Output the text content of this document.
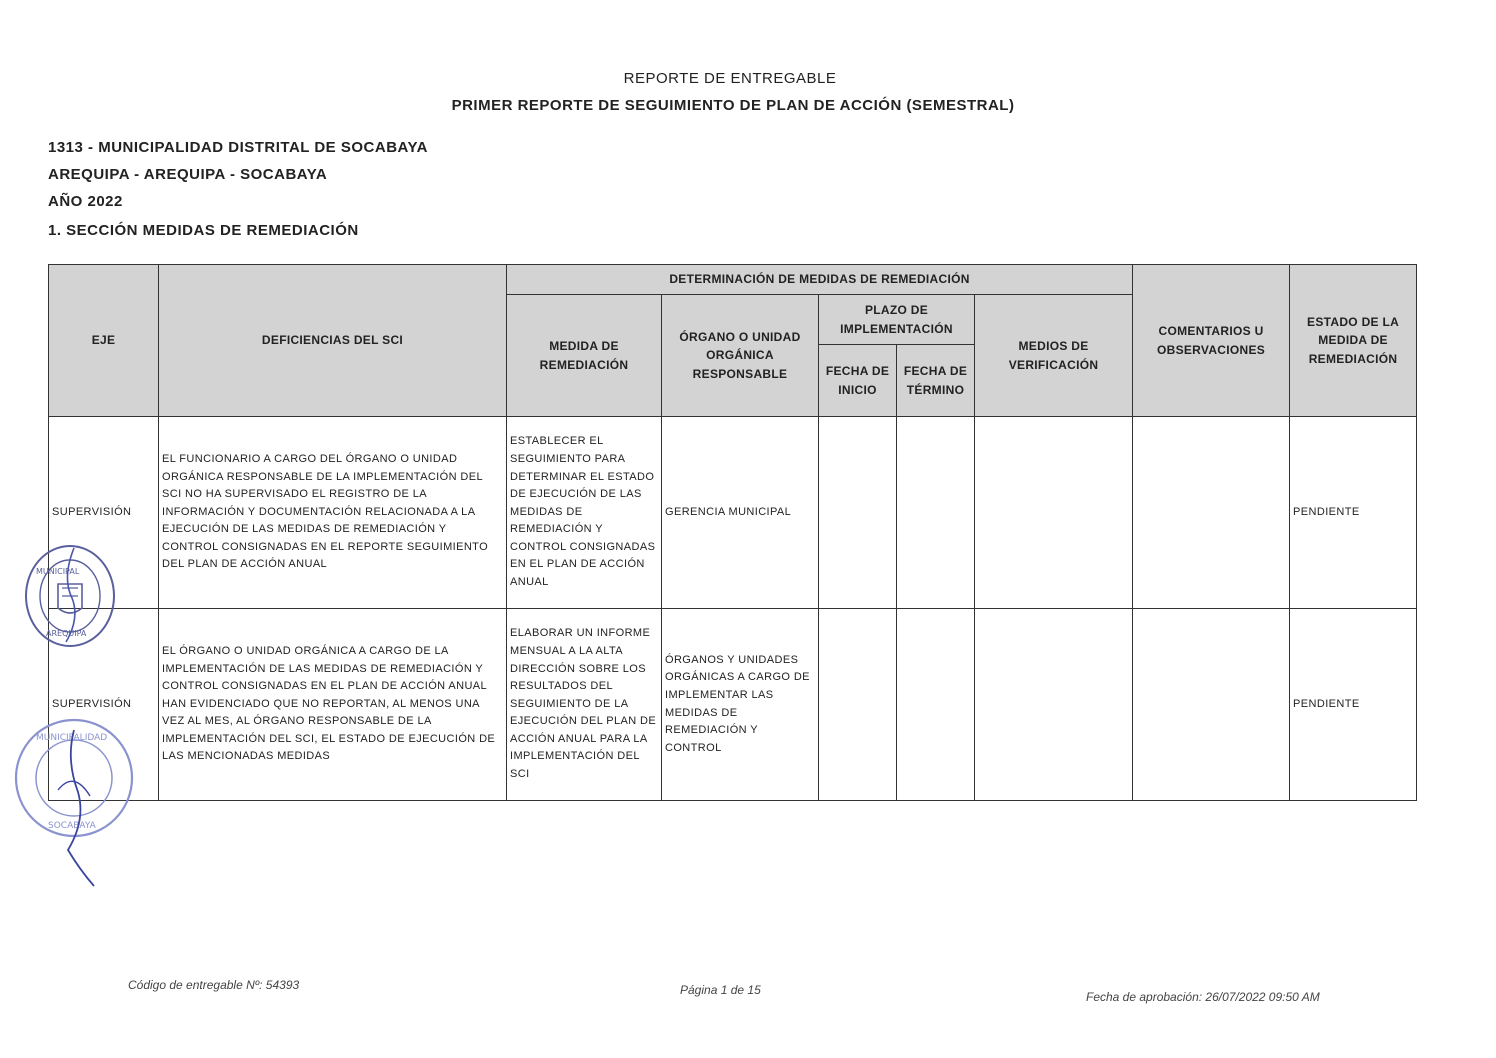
REPORTE DE ENTREGABLE
PRIMER REPORTE DE SEGUIMIENTO DE PLAN DE ACCIÓN (SEMESTRAL)
1313 - MUNICIPALIDAD DISTRITAL DE SOCABAYA
AREQUIPA - AREQUIPA - SOCABAYA
AÑO 2022
1. SECCIÓN MEDIDAS DE REMEDIACIÓN
EJE	DEFICIENCIAS DEL SCI	DETERMINACIÓN DE MEDIDAS DE REMEDIACIÓN					COMENTARIOS U OBSERVACIONES	ESTADO DE LA MEDIDA DE REMEDIACIÓN
		MEDIDA DE REMEDIACIÓN	ÓRGANO O UNIDAD ORGÁNICA RESPONSABLE	PLAZO DE IMPLEMENTACIÓN		MEDIOS DE VERIFICACIÓN		
				FECHA DE INICIO	FECHA DE TÉRMINO			
SUPERVISIÓN	EL FUNCIONARIO A CARGO DEL ÓRGANO O UNIDAD ORGÁNICA RESPONSABLE DE LA IMPLEMENTACIÓN DEL SCI NO HA SUPERVISADO EL REGISTRO DE LA INFORMACIÓN Y DOCUMENTACIÓN RELACIONADA A LA EJECUCIÓN DE LAS MEDIDAS DE REMEDIACIÓN Y CONTROL CONSIGNADAS EN EL REPORTE SEGUIMIENTO DEL PLAN DE ACCIÓN ANUAL	ESTABLECER EL SEGUIMIENTO PARA DETERMINAR EL ESTADO DE EJECUCIÓN DE LAS MEDIDAS DE REMEDIACIÓN Y CONTROL CONSIGNADAS EN EL PLAN DE ACCIÓN ANUAL	GERENCIA MUNICIPAL					PENDIENTE
SUPERVISIÓN	EL ÓRGANO O UNIDAD ORGÁNICA A CARGO DE LA IMPLEMENTACIÓN DE LAS MEDIDAS DE REMEDIACIÓN Y CONTROL CONSIGNADAS EN EL PLAN DE ACCIÓN ANUAL HAN EVIDENCIADO QUE NO REPORTAN, AL MENOS UNA VEZ AL MES, AL ÓRGANO RESPONSABLE DE LA IMPLEMENTACIÓN DEL SCI, EL ESTADO DE EJECUCIÓN DE LAS MENCIONADAS MEDIDAS	ELABORAR UN INFORME MENSUAL A LA ALTA DIRECCIÓN SOBRE LOS RESULTADOS DEL SEGUIMIENTO DE LA EJECUCIÓN DEL PLAN DE ACCIÓN ANUAL PARA LA IMPLEMENTACIÓN DEL SCI	ÓRGANOS Y UNIDADES ORGÁNICAS A CARGO DE IMPLEMENTAR LAS MEDIDAS DE REMEDIACIÓN Y CONTROL					PENDIENTE
MUNICIPAL
AREQUIPA
MUNICIPALIDAD
SOCABAYA
Código de entregable Nº: 54393	Página 1 de 15	Fecha de aprobación: 26/07/2022 09:50 AM
